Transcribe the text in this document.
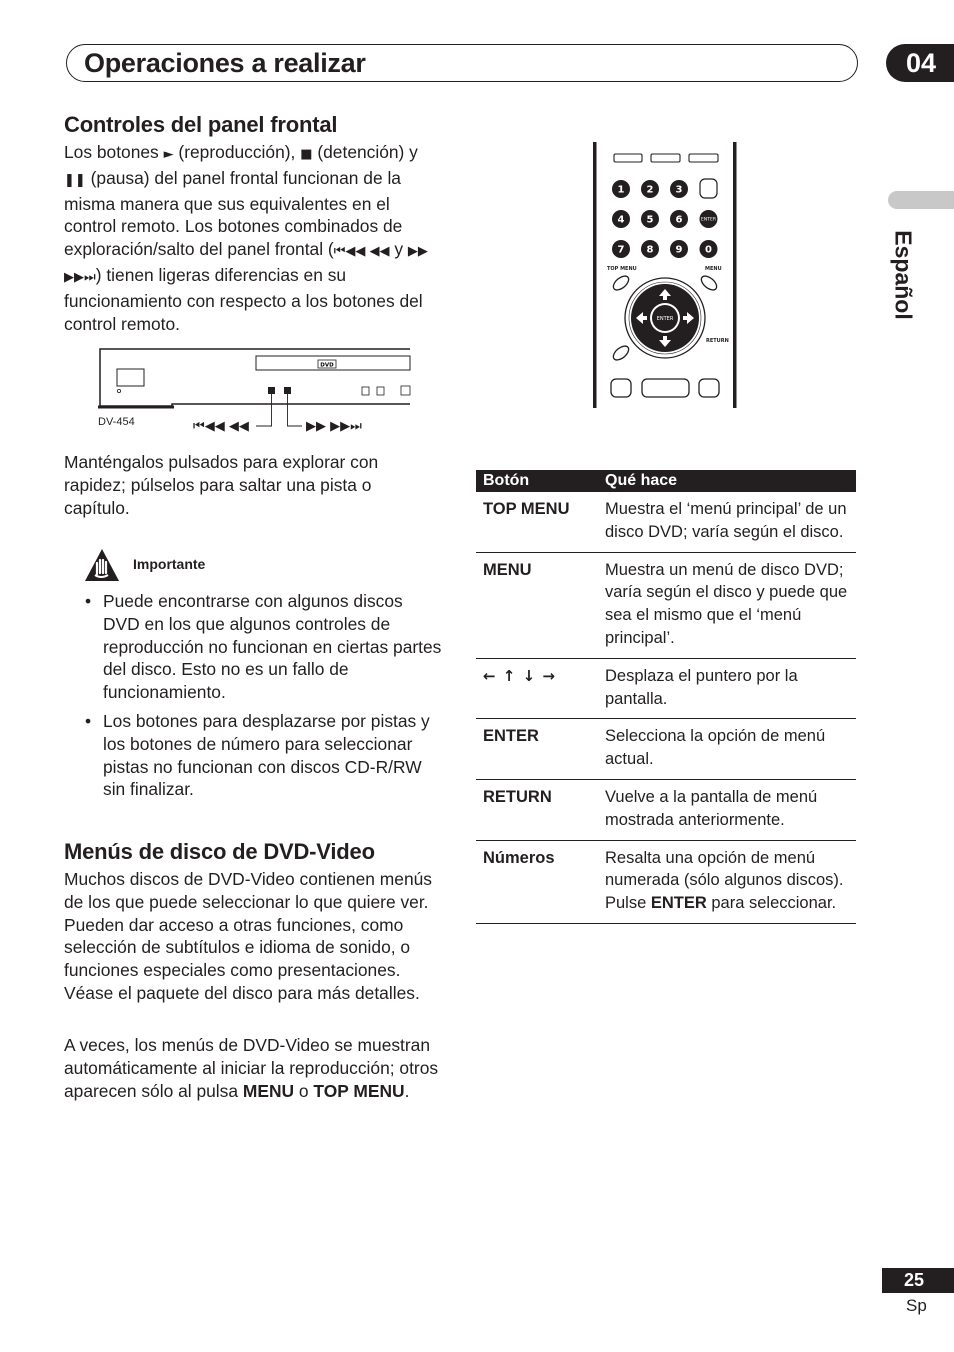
Operaciones a realizar	04
Español
Controles del panel frontal
Los botones ► (reproducción), ■ (detención) y ❚❚ (pausa) del panel frontal funcionan de la misma manera que sus equivalentes en el control remoto. Los botones combinados de exploración/salto del panel frontal (⏮◀◀ ◀◀ y ▶▶ ▶▶⏭) tienen ligeras diferencias en su funcionamiento con respecto a los botones del control remoto.
DVD
DV-454	⏮◀◀ ◀◀	▶▶ ▶▶⏭
Manténgalos pulsados para explorar con rapidez; púlselos para saltar una pista o capítulo.
Importante
• Puede encontrarse con algunos discos DVD en los que algunos controles de reproducción no funcionan en ciertas partes del disco. Esto no es un fallo de funcionamiento.
• Los botones para desplazarse por pistas y los botones de número para seleccionar pistas no funcionan con discos CD-R/RW sin finalizar.
Menús de disco de DVD-Video
Muchos discos de DVD-Video contienen menús de los que puede seleccionar lo que quiere ver. Pueden dar acceso a otras funciones, como selección de subtítulos e idioma de sonido, o funciones especiales como presentaciones. Véase el paquete del disco para más detalles.
A veces, los menús de DVD-Video se muestran automáticamente al iniciar la reproducción; otros aparecen sólo al pulsa MENU o TOP MENU.
1 2 3
4 5 6
7 8 9 0
ENTER
TOP MENU	MENU
ENTER
RETURN
Botón	Qué hace
TOP MENU	Muestra el ‘menú principal’ de un disco DVD; varía según el disco.
MENU	Muestra un menú de disco DVD; varía según el disco y puede que sea el mismo que el ‘menú principal’.
← ↑ ↓ →	Desplaza el puntero por la pantalla.
ENTER	Selecciona la opción de menú actual.
RETURN	Vuelve a la pantalla de menú mostrada anteriormente.
Números	Resalta una opción de menú numerada (sólo algunos discos). Pulse ENTER para seleccionar.
25
Sp
